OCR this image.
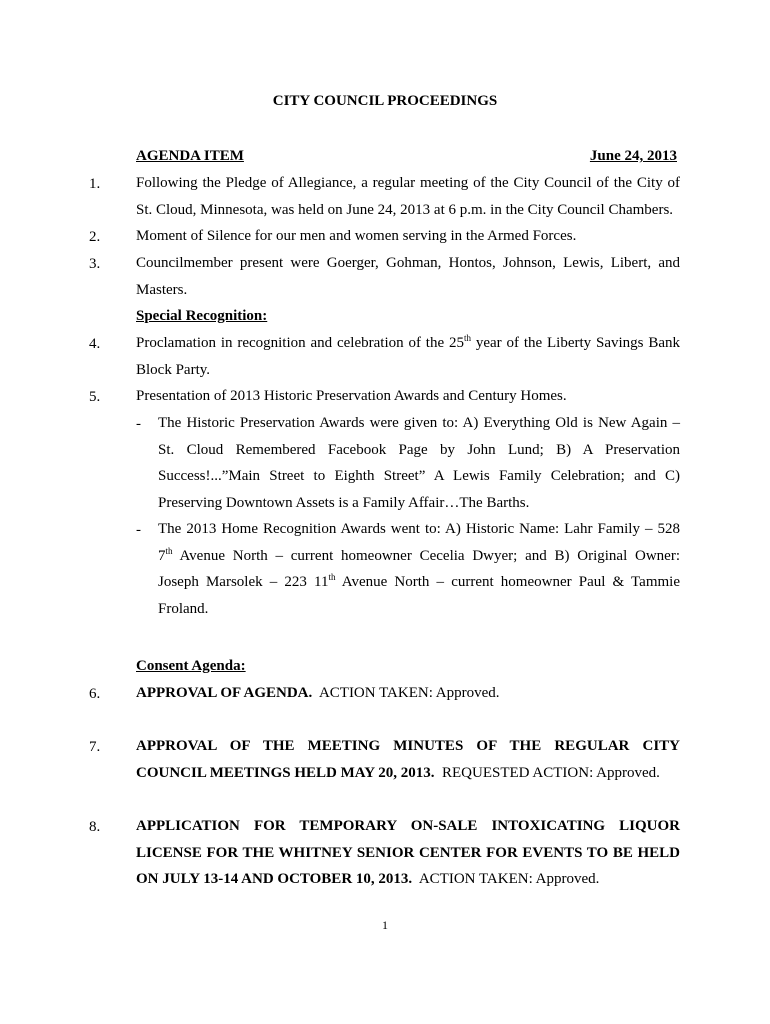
CITY COUNCIL PROCEEDINGS
AGENDA ITEM	June 24, 2013
1. Following the Pledge of Allegiance, a regular meeting of the City Council of the City of
St. Cloud, Minnesota, was held on June 24, 2013 at 6 p.m. in the City Council Chambers.
2. Moment of Silence for our men and women serving in the Armed Forces.
3. Councilmember present were Goerger, Gohman, Hontos, Johnson, Lewis, Libert, and
Masters.
Special Recognition:
4. Proclamation in recognition and celebration of the 25th year of the Liberty Savings Bank
Block Party.
5. Presentation of 2013 Historic Preservation Awards and Century Homes.
- The Historic Preservation Awards were given to: A) Everything Old is New Again –
St. Cloud Remembered Facebook Page by John Lund; B) A Preservation
Success!...”Main Street to Eighth Street” A Lewis Family Celebration; and C)
Preserving Downtown Assets is a Family Affair…The Barths.
- The 2013 Home Recognition Awards went to: A) Historic Name: Lahr Family – 528
7th Avenue North – current homeowner Cecelia Dwyer; and B) Original Owner:
Joseph Marsolek – 223 11th Avenue North – current homeowner Paul & Tammie
Froland.
Consent Agenda:
6. APPROVAL OF AGENDA.  ACTION TAKEN: Approved.
7. APPROVAL OF THE MEETING MINUTES OF THE REGULAR CITY
COUNCIL MEETINGS HELD MAY 20, 2013.  REQUESTED ACTION: Approved.
8. APPLICATION FOR TEMPORARY ON-SALE INTOXICATING LIQUOR
LICENSE FOR THE WHITNEY SENIOR CENTER FOR EVENTS TO BE HELD
ON JULY 13-14 AND OCTOBER 10, 2013.  ACTION TAKEN: Approved.
1
